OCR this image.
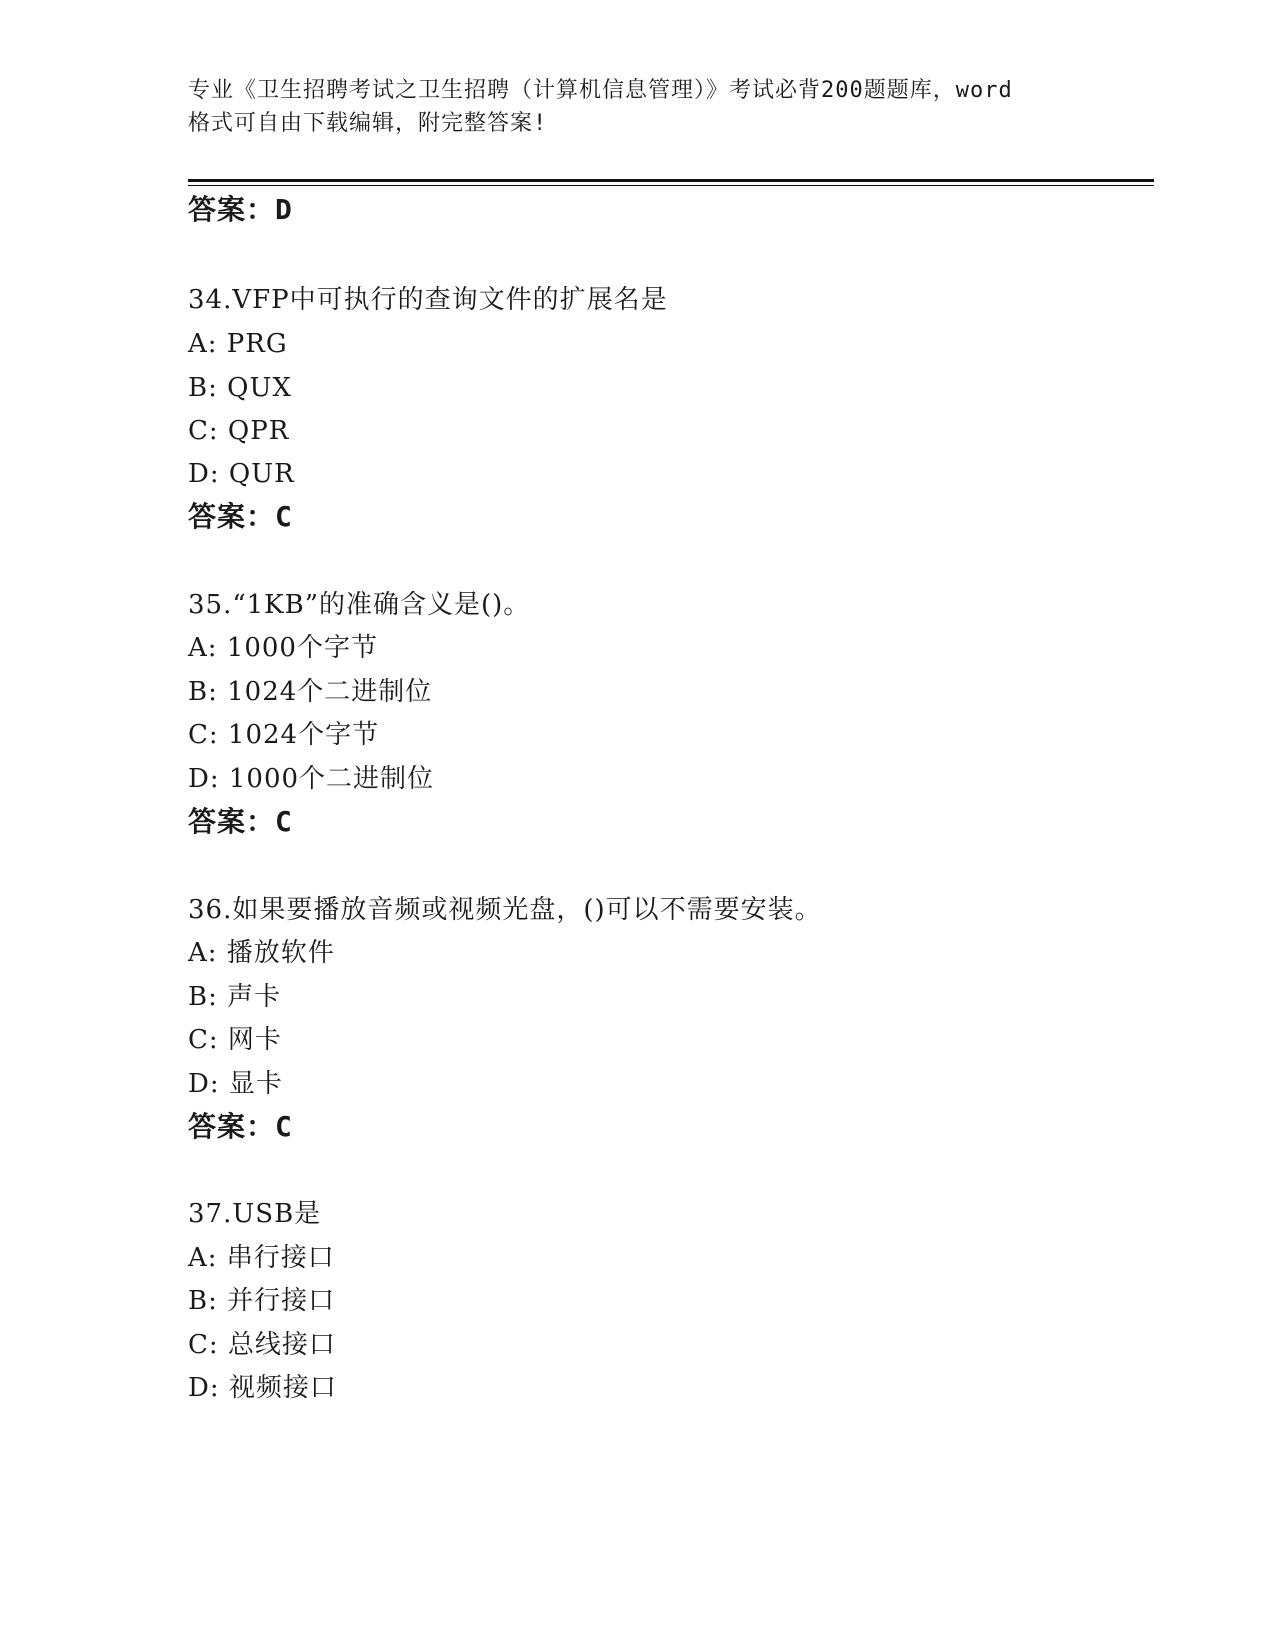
专业《卫生招聘考试之卫生招聘（计算机信息管理）》考试必背200题题库，word
格式可自由下载编辑，附完整答案!
答案：D
34.VFP中可执行的查询文件的扩展名是
A: PRG
B: QUX
C: QPR
D: QUR
答案：C
35.“1KB”的准确含义是()。
A: 1000个字节
B: 1024个二进制位
C: 1024个字节
D: 1000个二进制位
答案：C
36.如果要播放音频或视频光盘，()可以不需要安装。
A: 播放软件
B: 声卡
C: 网卡
D: 显卡
答案：C
37.USB是
A: 串行接口
B: 并行接口
C: 总线接口
D: 视频接口
